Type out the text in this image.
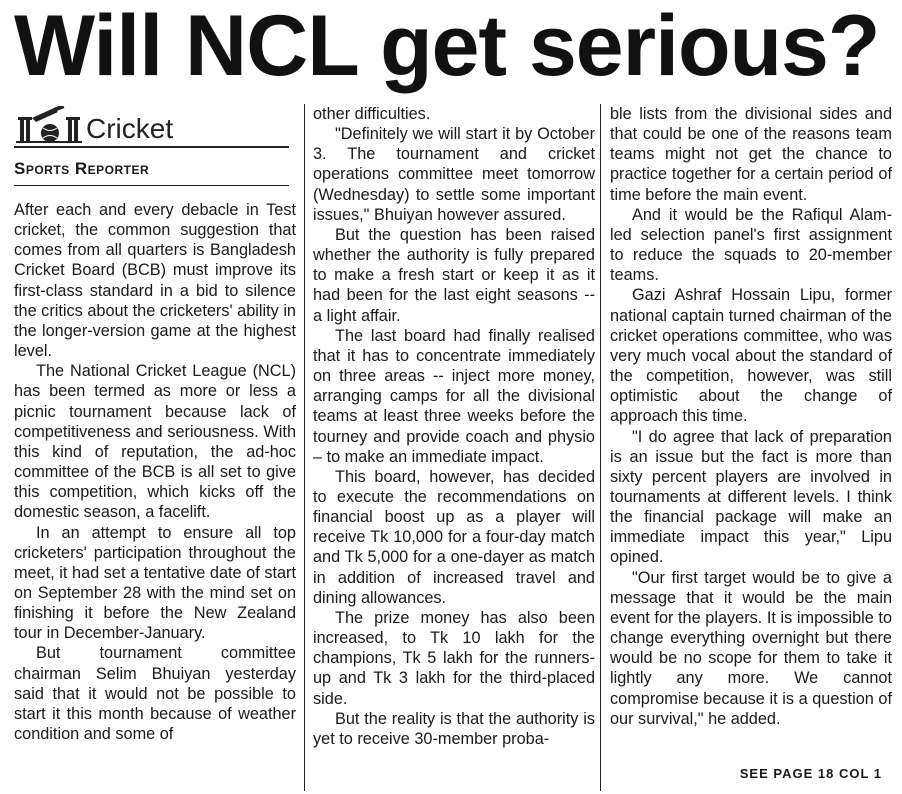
Will NCL get serious?
Cricket
Sports Reporter

After each and every debacle in Test cricket, the common suggestion that comes from all quarters is Bangladesh Cricket Board (BCB) must improve its first-class standard in a bid to silence the critics about the cricketers' ability in the longer-version game at the highest level.

The National Cricket League (NCL) has been termed as more or less a picnic tournament because lack of competitiveness and seriousness. With this kind of reputation, the ad-hoc committee of the BCB is all set to give this competition, which kicks off the domestic season, a facelift.

In an attempt to ensure all top cricketers' participation throughout the meet, it had set a tentative date of start on September 28 with the mind set on finishing it before the New Zealand tour in December-January.

But tournament committee chairman Selim Bhuiyan yesterday said that it would not be possible to start it this month because of weather condition and some of

other difficulties.

"Definitely we will start it by October 3. The tournament and cricket operations committee meet tomorrow (Wednesday) to settle some important issues," Bhuiyan however assured.

But the question has been raised whether the authority is fully prepared to make a fresh start or keep it as it had been for the last eight seasons -- a light affair.

The last board had finally realised that it has to concentrate immediately on three areas -- inject more money, arranging camps for all the divisional teams at least three weeks before the tourney and provide coach and physio – to make an immediate impact.

This board, however, has decided to execute the recommendations on financial boost up as a player will receive Tk 10,000 for a four-day match and Tk 5,000 for a one-dayer as match in addition of increased travel and dining allowances.

The prize money has also been increased, to Tk 10 lakh for the champions, Tk 5 lakh for the runners-up and Tk 3 lakh for the third-placed side.

But the reality is that the authority is yet to receive 30-member proba-

ble lists from the divisional sides and that could be one of the reasons team teams might not get the chance to practice together for a certain period of time before the main event.

And it would be the Rafiqul Alam-led selection panel's first assignment to reduce the squads to 20-member teams.

Gazi Ashraf Hossain Lipu, former national captain turned chairman of the cricket operations committee, who was very much vocal about the standard of the competition, however, was still optimistic about the change of approach this time.

"I do agree that lack of preparation is an issue but the fact is more than sixty percent players are involved in tournaments at different levels. I think the financial package will make an immediate impact this year," Lipu opined.

"Our first target would be to give a message that it would be the main event for the players. It is impossible to change everything overnight but there would be no scope for them to take it lightly any more. We cannot compromise because it is a question of our survival," he added.

SEE PAGE 18 COL 1
